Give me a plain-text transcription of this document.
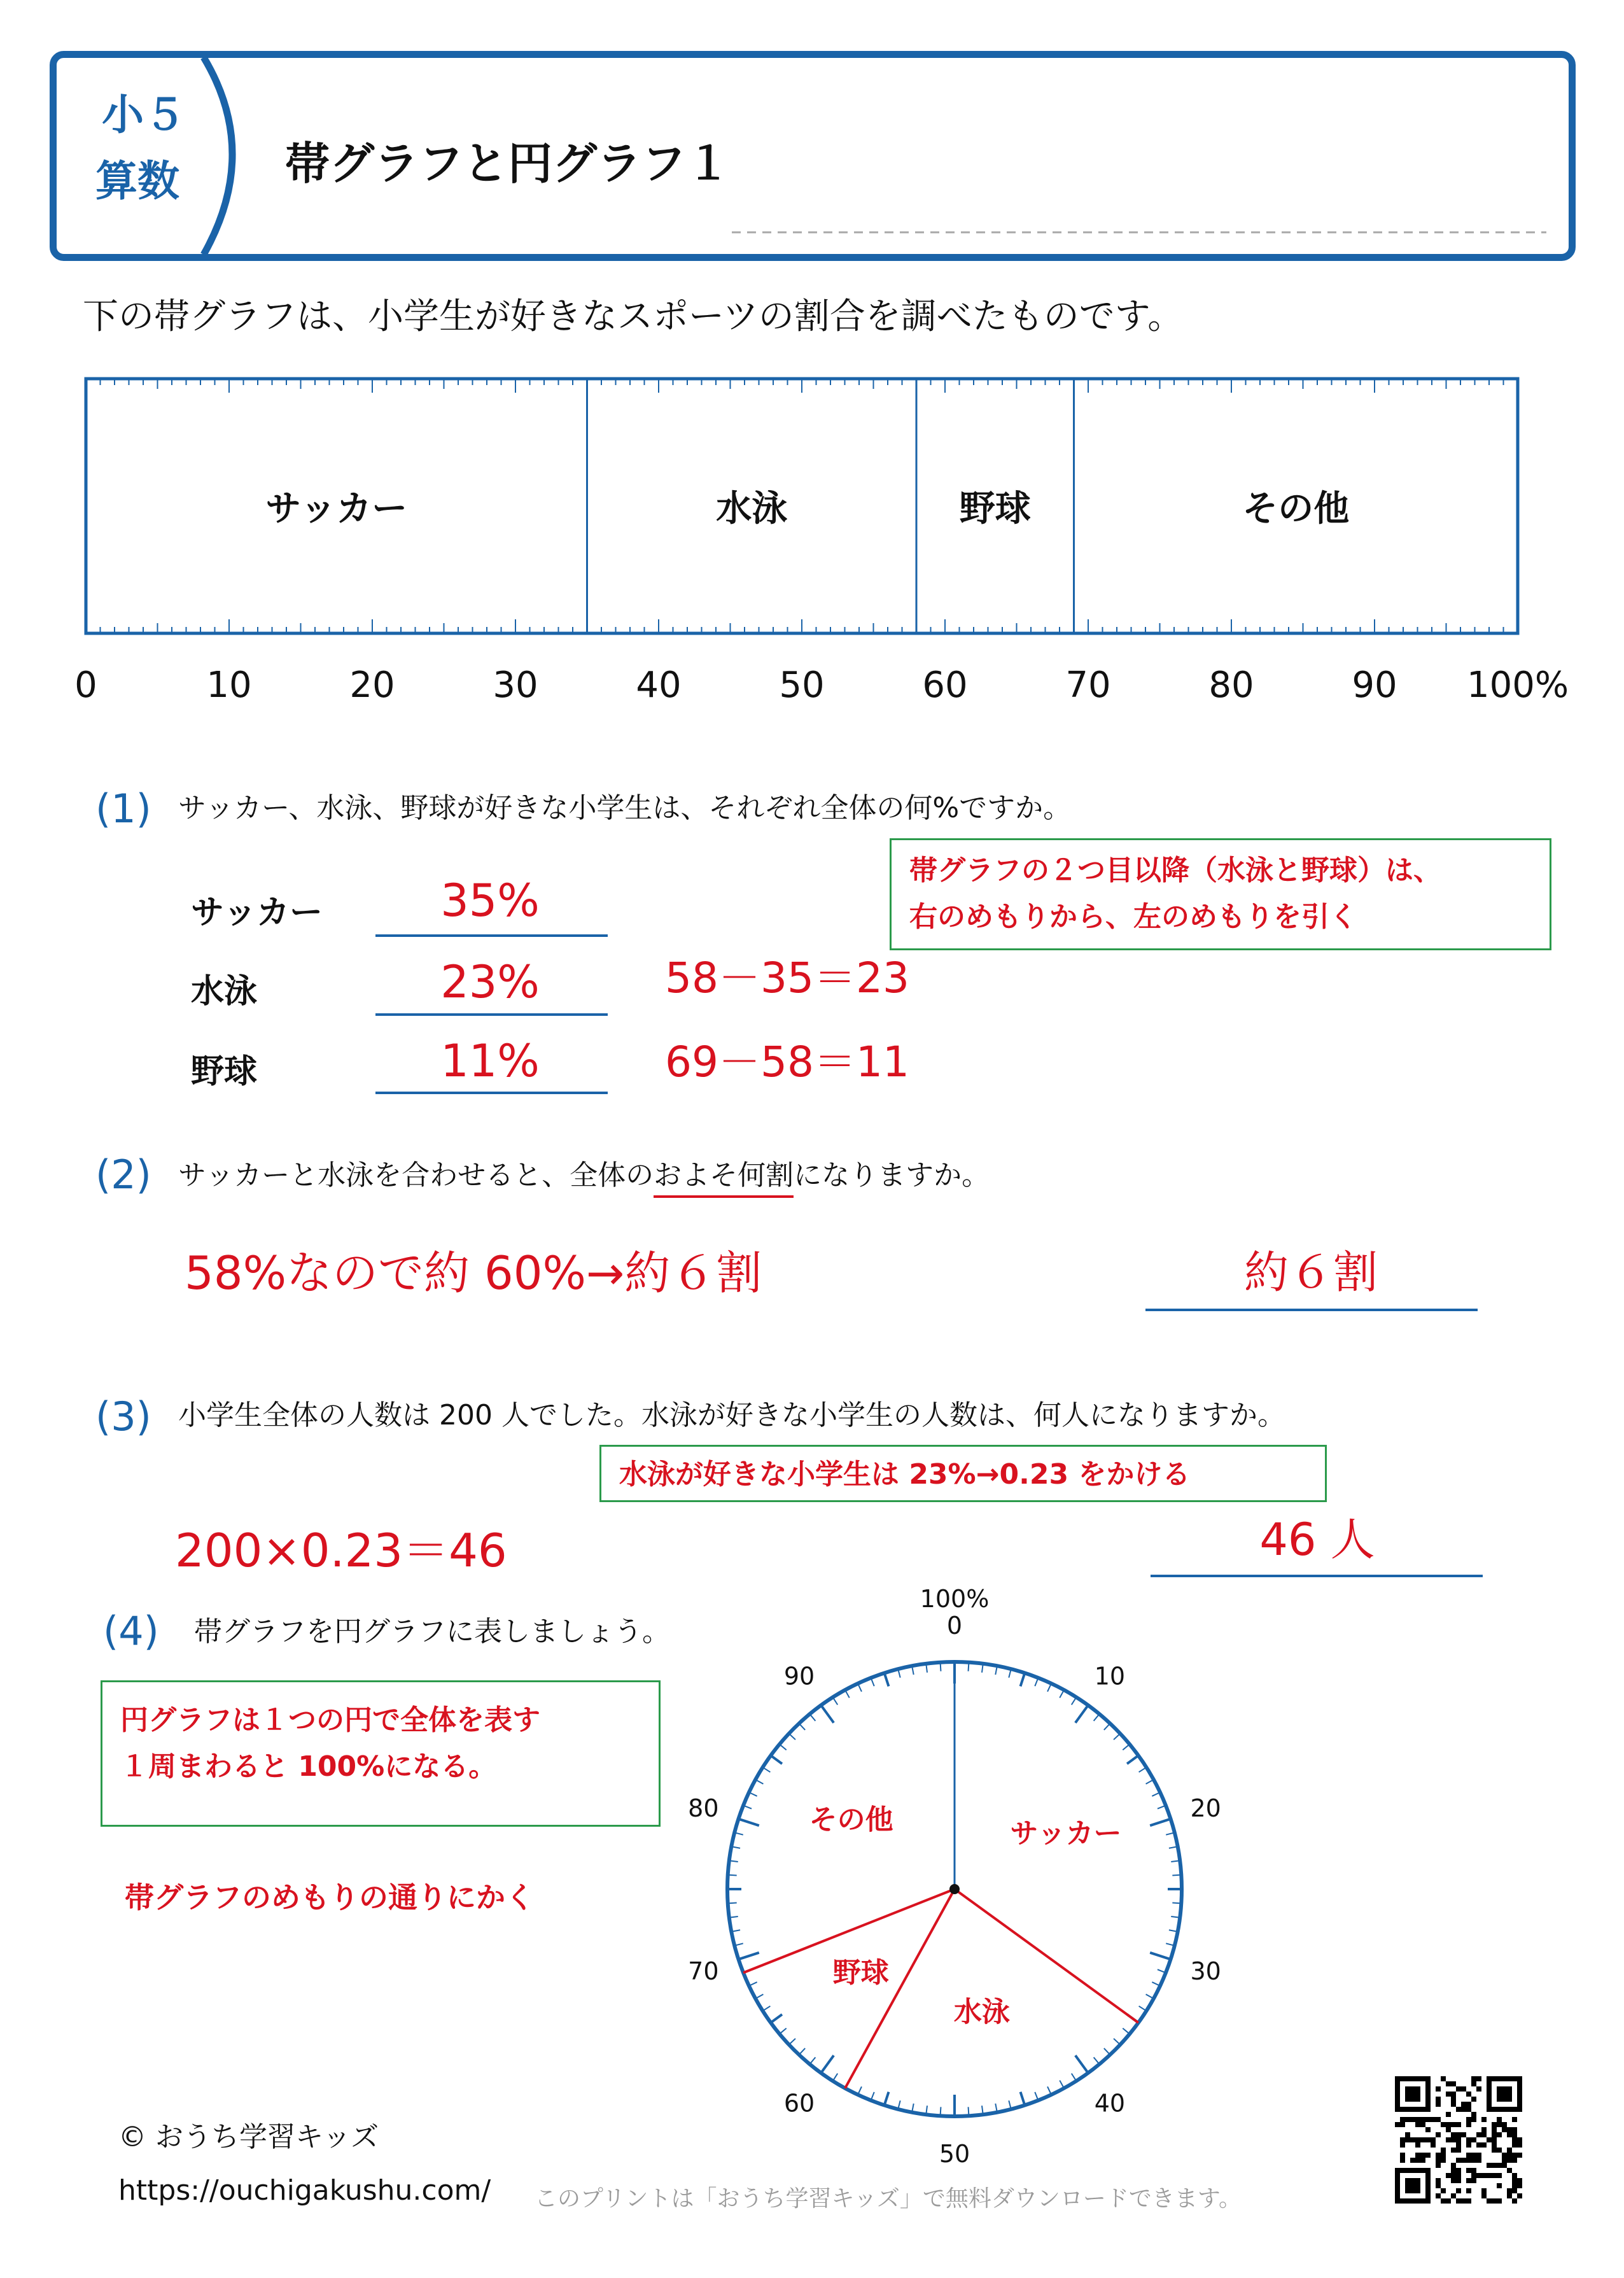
小５
算数 帯グラフと円グラフ１
下の帯グラフは、小学生が好きなスポーツの割合を調べたものです。
サッカー	水泳	野球	その他
0	10	20	30	40	50	60	70	80	90 100%
(1) サッカー、水泳、野球が好きな小学生は、それぞれ全体の何%ですか。
帯グラフの２つ目以降（水泳と野球）は、
右のめもりから、左のめもりを引く
サッカー	35%
水泳	23%	58－35＝23
野球	11%	69－58＝11
(2) サッカーと水泳を合わせると、全体のおよそ何割になりますか。
58%なので約 60%→約６割	約６割
(3) 小学生全体の人数は 200 人でした。水泳が好きな小学生の人数は、何人になりますか。
水泳が好きな小学生は 23%→0.23 をかける
200×0.23＝46	46 人
(4) 帯グラフを円グラフに表しましょう。
円グラフは１つの円で全体を表す
１周まわると 100%になる。
帯グラフのめもりの通りにかく
サッカー
水泳
野球
その他
0
10
20
30
40
50
60
70
80
90
100%
© おうち学習キッズ
https://ouchigakushu.com/ このプリントは「おうち学習キッズ」で無料ダウンロードできます。
